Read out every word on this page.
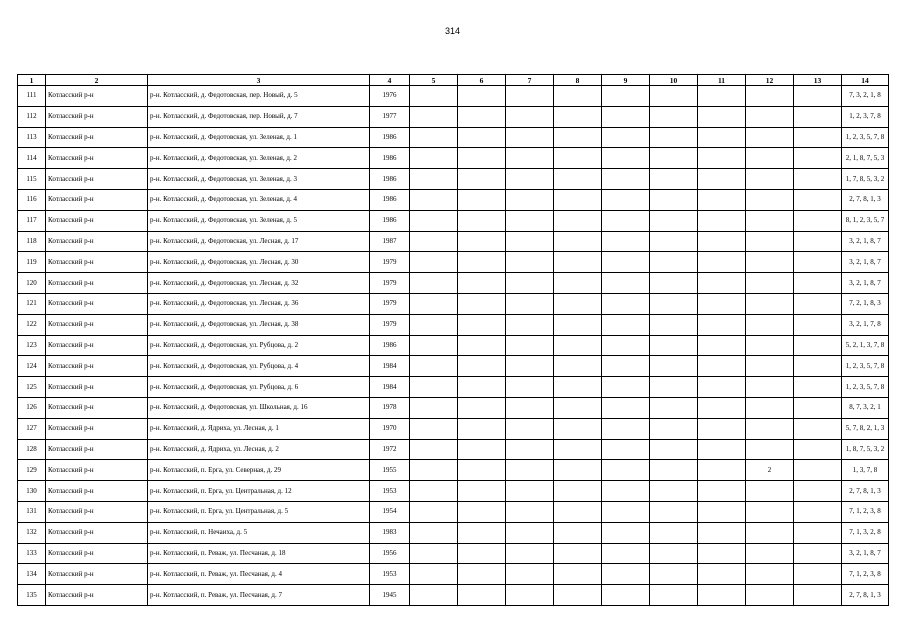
314
1	2	3	4	5	6	7	8	9	10	11	12	13	14
111	Котласский р-н	р-н. Котласский, д. Федотовская, пер. Новый, д. 5	1976										7, 3, 2, 1, 8
112	Котласский р-н	р-н. Котласский, д. Федотовская, пер. Новый, д. 7	1977										1, 2, 3, 7, 8
113	Котласский р-н	р-н. Котласский, д. Федотовская, ул. Зеленая, д. 1	1986										1, 2, 3, 5, 7, 8
114	Котласский р-н	р-н. Котласский, д. Федотовская, ул. Зеленая, д. 2	1986										2, 1, 8, 7, 5, 3
115	Котласский р-н	р-н. Котласский, д. Федотовская, ул. Зеленая, д. 3	1986										1, 7, 8, 5, 3, 2
116	Котласский р-н	р-н. Котласский, д. Федотовская, ул. Зеленая, д. 4	1986										2, 7, 8, 1, 3
117	Котласский р-н	р-н. Котласский, д. Федотовская, ул. Зеленая, д. 5	1986										8, 1, 2, 3, 5, 7
118	Котласский р-н	р-н. Котласский, д. Федотовская, ул. Лесная, д. 17	1987										3, 2, 1, 8, 7
119	Котласский р-н	р-н. Котласский, д. Федотовская, ул. Лесная, д. 30	1979										3, 2, 1, 8, 7
120	Котласский р-н	р-н. Котласский, д. Федотовская, ул. Лесная, д. 32	1979										3, 2, 1, 8, 7
121	Котласский р-н	р-н. Котласский, д. Федотовская, ул. Лесная, д. 36	1979										7, 2, 1, 8, 3
122	Котласский р-н	р-н. Котласский, д. Федотовская, ул. Лесная, д. 38	1979										3, 2, 1, 7, 8
123	Котласский р-н	р-н. Котласский, д. Федотовская, ул. Рубцова, д. 2	1986										5, 2, 1, 3, 7, 8
124	Котласский р-н	р-н. Котласский, д. Федотовская, ул. Рубцова, д. 4	1984										1, 2, 3, 5, 7, 8
125	Котласский р-н	р-н. Котласский, д. Федотовская, ул. Рубцова, д. 6	1984										1, 2, 3, 5, 7, 8
126	Котласский р-н	р-н. Котласский, д. Федотовская, ул. Школьная, д. 16	1978										8, 7, 3, 2, 1
127	Котласский р-н	р-н. Котласский, д. Ядриха, ул. Лесная, д. 1	1970										5, 7, 8, 2, 1, 3
128	Котласский р-н	р-н. Котласский, д. Ядриха, ул. Лесная, д. 2	1972										1, 8, 7, 5, 3, 2
129	Котласский р-н	р-н. Котласский, п. Ерга, ул. Северная, д. 29	1955								2		1, 3, 7, 8
130	Котласский р-н	р-н. Котласский, п. Ерга, ул. Центральная, д. 12	1953										2, 7, 8, 1, 3
131	Котласский р-н	р-н. Котласский, п. Ерга, ул. Центральная, д. 5	1954										7, 1, 2, 3, 8
132	Котласский р-н	р-н. Котласский, п. Нечаиха, д. 5	1983										7, 1, 3, 2, 8
133	Котласский р-н	р-н. Котласский, п. Реваж, ул. Песчаная, д. 18	1956										3, 2, 1, 8, 7
134	Котласский р-н	р-н. Котласский, п. Реваж, ул. Песчаная, д. 4	1953										7, 1, 2, 3, 8
135	Котласский р-н	р-н. Котласский, п. Реваж, ул. Песчаная, д. 7	1945										2, 7, 8, 1, 3
